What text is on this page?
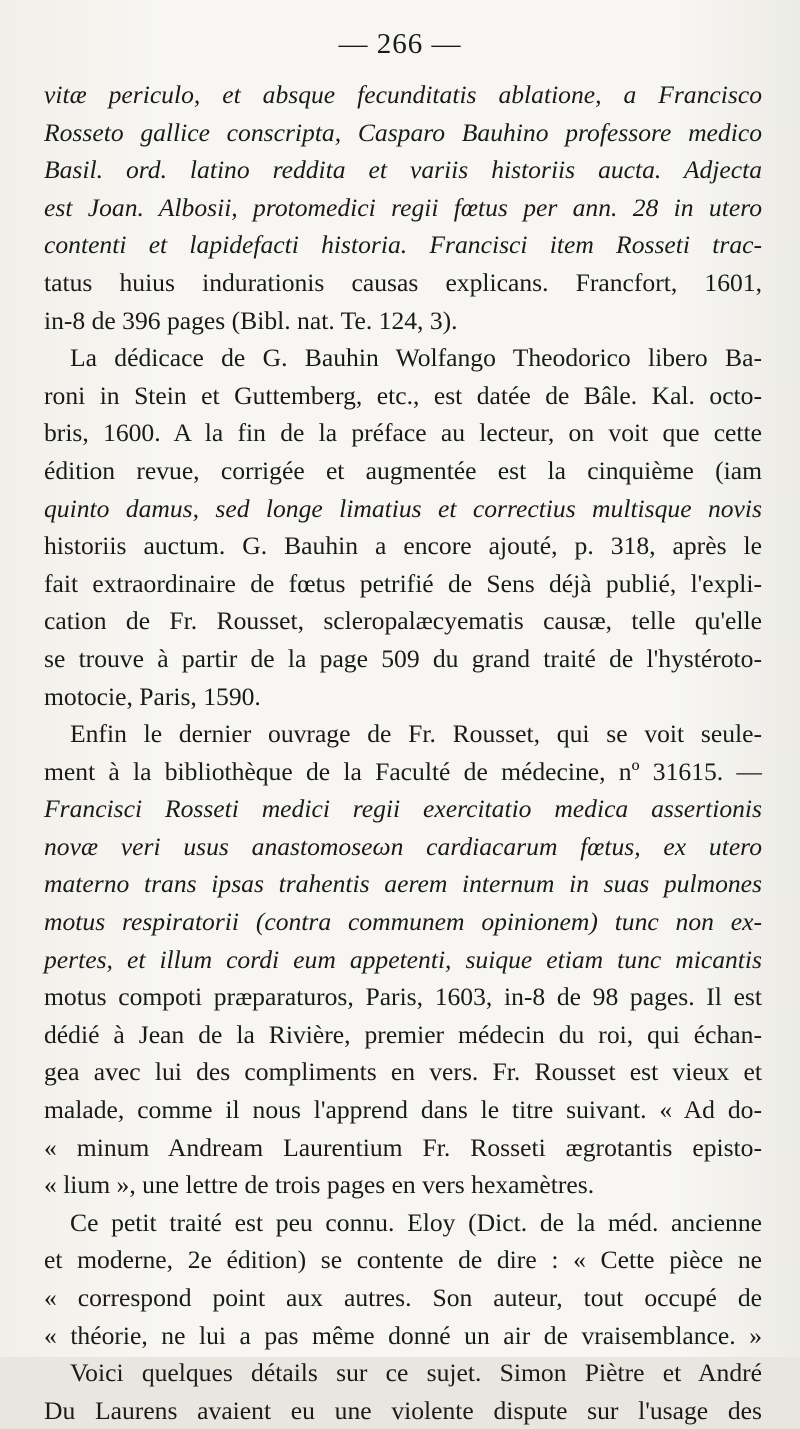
— 266 —
vitæ periculo, et absque fecunditatis ablatione, a Francisco
Rosseto gallice conscripta, Casparo Bauhino professore medico
Basil. ord. latino reddita et variis historiis aucta. Adjecta
est Joan. Albosii, protomedici regii fœtus per ann. 28 in utero
contenti et lapidefacti historia. Francisci item Rosseti trac-
tatus huius indurationis causas explicans. Francfort, 1601,
in-8 de 396 pages (Bibl. nat. Te. 124, 3).
La dédicace de G. Bauhin Wolfango Theodorico libero Ba-
roni in Stein et Guttemberg, etc., est datée de Bâle. Kal. octo-
bris, 1600. A la fin de la préface au lecteur, on voit que cette
édition revue, corrigée et augmentée est la cinquième (iam
quinto damus, sed longe limatius et correctius multisque novis
historiis auctum. G. Bauhin a encore ajouté, p. 318, après le
fait extraordinaire de fœtus petrifié de Sens déjà publié, l'expli-
cation de Fr. Rousset, scleropalæcyematis causæ, telle qu'elle
se trouve à partir de la page 509 du grand traité de l'hystéroto-
motocie, Paris, 1590.
Enfin le dernier ouvrage de Fr. Rousset, qui se voit seule-
ment à la bibliothèque de la Faculté de médecine, nº 31615. —
Francisci Rosseti medici regii exercitatio medica assertionis
novæ veri usus anastomoseωn cardiacarum fœtus, ex utero
materno trans ipsas trahentis aerem internum in suas pulmones
motus respiratorii (contra communem opinionem) tunc non ex-
pertes, et illum cordi eum appetenti, suique etiam tunc micantis
motus compoti præparaturos, Paris, 1603, in-8 de 98 pages. Il est
dédié à Jean de la Rivière, premier médecin du roi, qui échan-
gea avec lui des compliments en vers. Fr. Rousset est vieux et
malade, comme il nous l'apprend dans le titre suivant. « Ad do-
« minum Andream Laurentium Fr. Rosseti ægrotantis episto-
« lium », une lettre de trois pages en vers hexamètres.
Ce petit traité est peu connu. Eloy (Dict. de la méd. ancienne
et moderne, 2e édition) se contente de dire : « Cette pièce ne
« correspond point aux autres. Son auteur, tout occupé de
« théorie, ne lui a pas même donné un air de vraisemblance. »
Voici quelques détails sur ce sujet. Simon Piètre et André
Du Laurens avaient eu une violente dispute sur l'usage des
